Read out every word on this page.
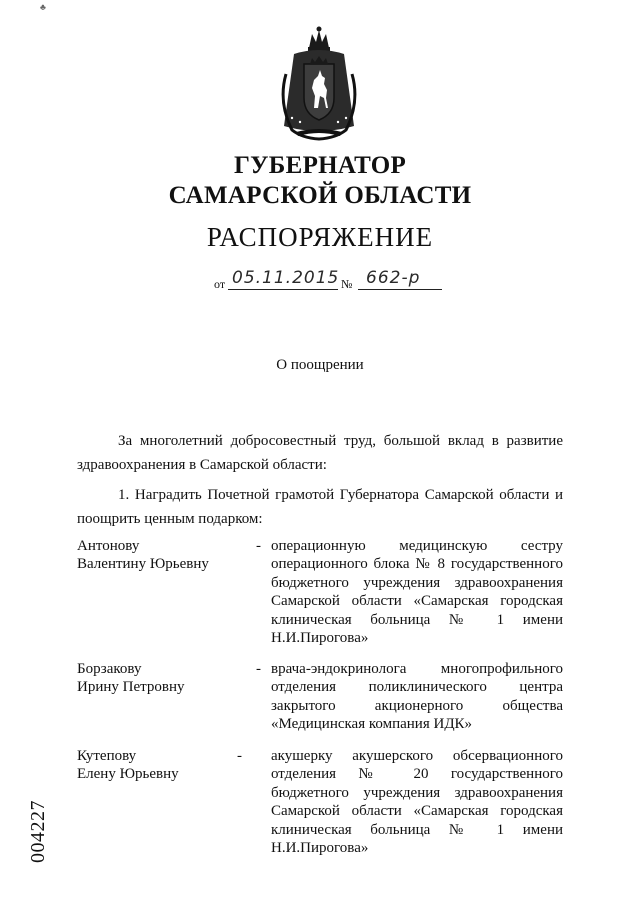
♣
ГУБЕРНАТОР
САМАРСКОЙ ОБЛАСТИ
РАСПОРЯЖЕНИЕ
от 05.11.2015 № 662-р
О поощрении
За многолетний добросовестный труд, большой вклад в развитие здравоохранения в Самарской области:
1. Наградить Почетной грамотой Губернатора Самарской области и поощрить ценным подарком:
Антонову
Валентину Юрьевну
- операционную медицинскую сестру операционного блока № 8 государственного бюджетного учреждения здравоохранения Самарской области «Самарская городская клиническая больница № 1 имени Н.И.Пирогова»
Борзакову
Ирину Петровну
- врача-эндокринолога многопрофильного отделения поликлинического центра закрытого акционерного общества «Медицинская компания ИДК»
Кутепову
Елену Юрьевну
- акушерку акушерского обсервационного отделения № 20 государственного бюджетного учреждения здравоохранения Самарской области «Самарская городская клиническая больница № 1 имени Н.И.Пирогова»
004227
